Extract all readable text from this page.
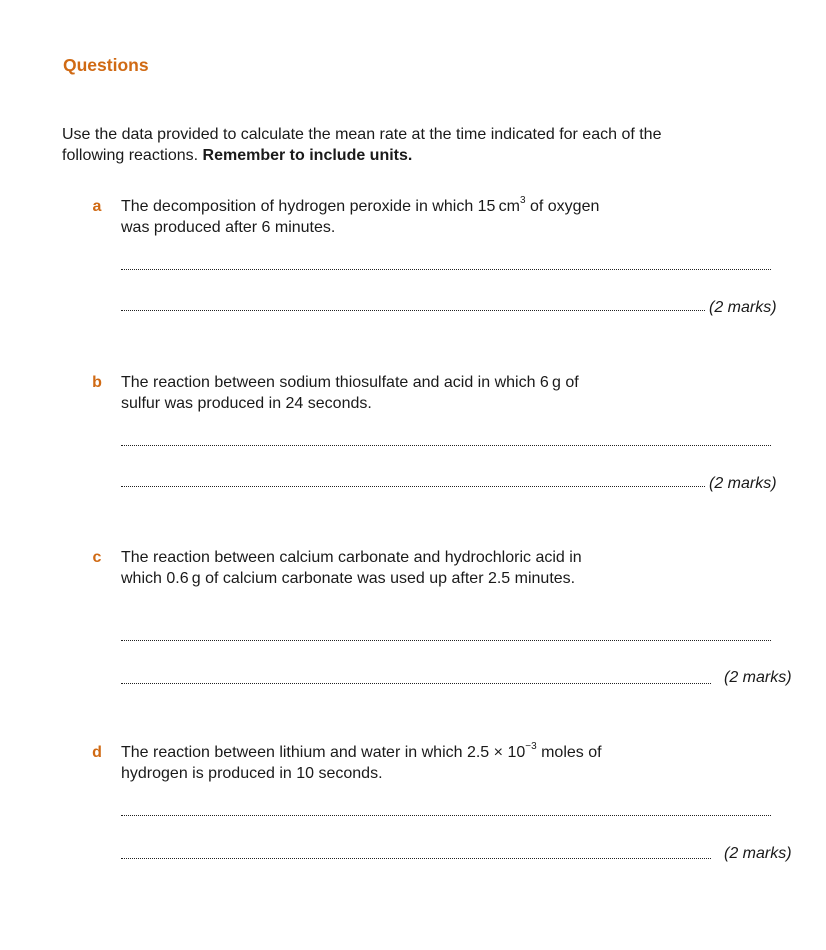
Questions
Use the data provided to calculate the mean rate at the time indicated for each of the
following reactions. Remember to include units.
a The decomposition of hydrogen peroxide in which 15 $cm^3$ of oxygen was produced after 6 minutes.
(2 marks)
b The reaction between sodium thiosulfate and acid in which 6 g of sulfur was produced in 24 seconds.
(2 marks)
c The reaction between calcium carbonate and hydrochloric acid in which 0.6 g of calcium carbonate was used up after 2.5 minutes.
(2 marks)
d The reaction between lithium and water in which $2.5 \times 10^{-3}$ moles of hydrogen is produced in 10 seconds.
(2 marks)
